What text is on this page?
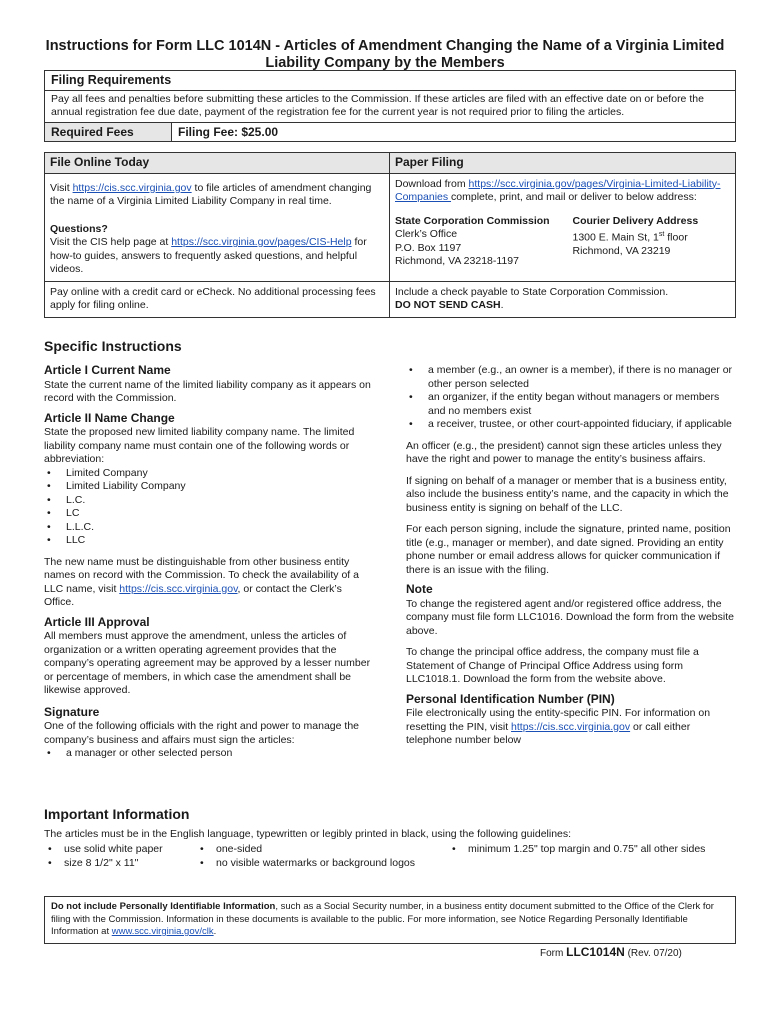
Instructions for Form LLC 1014N - Articles of Amendment Changing the Name of a Virginia Limited Liability Company by the Members
Filing Requirements
Pay all fees and penalties before submitting these articles to the Commission. If these articles are filed with an effective date on or before the annual registration fee due date, payment of the registration fee for the current year is not required prior to filing the articles.
Required Fees	Filing Fee: $25.00
File Online Today	Paper Filing

Visit https://cis.scc.virginia.gov to file articles of amendment changing the name of a Virginia Limited Liability Company in real time.

Questions?

Visit the CIS help page at https://scc.virginia.gov/pages/CIS-Help for how-to guides, answers to frequently asked questions, and helpful videos.

Download from https://scc.virginia.gov/pages/Virginia-Limited-Liability-Companies complete, print, and mail or deliver to below address:

State Corporation Commission
Clerk’s Office
P.O. Box 1197
Richmond, VA 23218-1197
Courier Delivery Address
1300 E. Main St, 1st floor
Richmond, VA 23219
Pay online with a credit card or eCheck. No additional processing fees apply for filing online.
Include a check payable to State Corporation Commission.
DO NOT SEND CASH.
Specific Instructions
Article I Current Name

State the current name of the limited liability company as it appears on record with the Commission.

Article II Name Change

State the proposed new limited liability company name. The limited liability company name must contain one of the following words or abbreviation:

• Limited Company
• Limited Liability Company
• L.C.
• LC
• L.L.C.
• LLC

The new name must be distinguishable from other business entity names on record with the Commission. To check the availability of a LLC name, visit https://cis.scc.virginia.gov, or contact the Clerk’s Office.

Article III Approval

All members must approve the amendment, unless the articles of organization or a written operating agreement provides that the company’s operating agreement may be approved by a lesser number or percentage of members, in which case the amendment shall be likewise approved.

Signature

One of the following officials with the right and power to manage the company’s business and affairs must sign the articles:

• a manager or other selected person
• a member (e.g., an owner is a member), if there is no manager or other person selected
• an organizer, if the entity began without managers or members and no members exist
• a receiver, trustee, or other court-appointed fiduciary, if applicable

An officer (e.g., the president) cannot sign these articles unless they have the right and power to manage the entity’s business affairs.

If signing on behalf of a manager or member that is a business entity, also include the business entity’s name, and the capacity in which the business entity is signing on behalf of the LLC.

For each person signing, include the signature, printed name, position title (e.g., manager or member), and date signed. Providing an entity phone number or email address allows for quicker communication if there is an issue with the filing.

Note

To change the registered agent and/or registered office address, the company must file form LLC1016. Download the form from the website above.

To change the principal office address, the company must file a Statement of Change of Principal Office Address using form LLC1018.1. Download the form from the website above.

Personal Identification Number (PIN)

File electronically using the entity-specific PIN. For information on resetting the PIN, visit https://cis.scc.virginia.gov or call either telephone number below

Important Information
The articles must be in the English language, typewritten or legibly printed in black, using the following guidelines:
• use solid white paper
• size 8 1/2" x 11"
• one-sided
• no visible watermarks or background logos
• minimum 1.25" top margin and 0.75" all other sides
Do not include Personally Identifiable Information, such as a Social Security number, in a business entity document submitted to the Office of the Clerk for filing with the Commission. Information in these documents is available to the public. For more information, see Notice Regarding Personally Identifiable Information at www.scc.virginia.gov/clk.
Form LLC1014N (Rev. 07/20)
